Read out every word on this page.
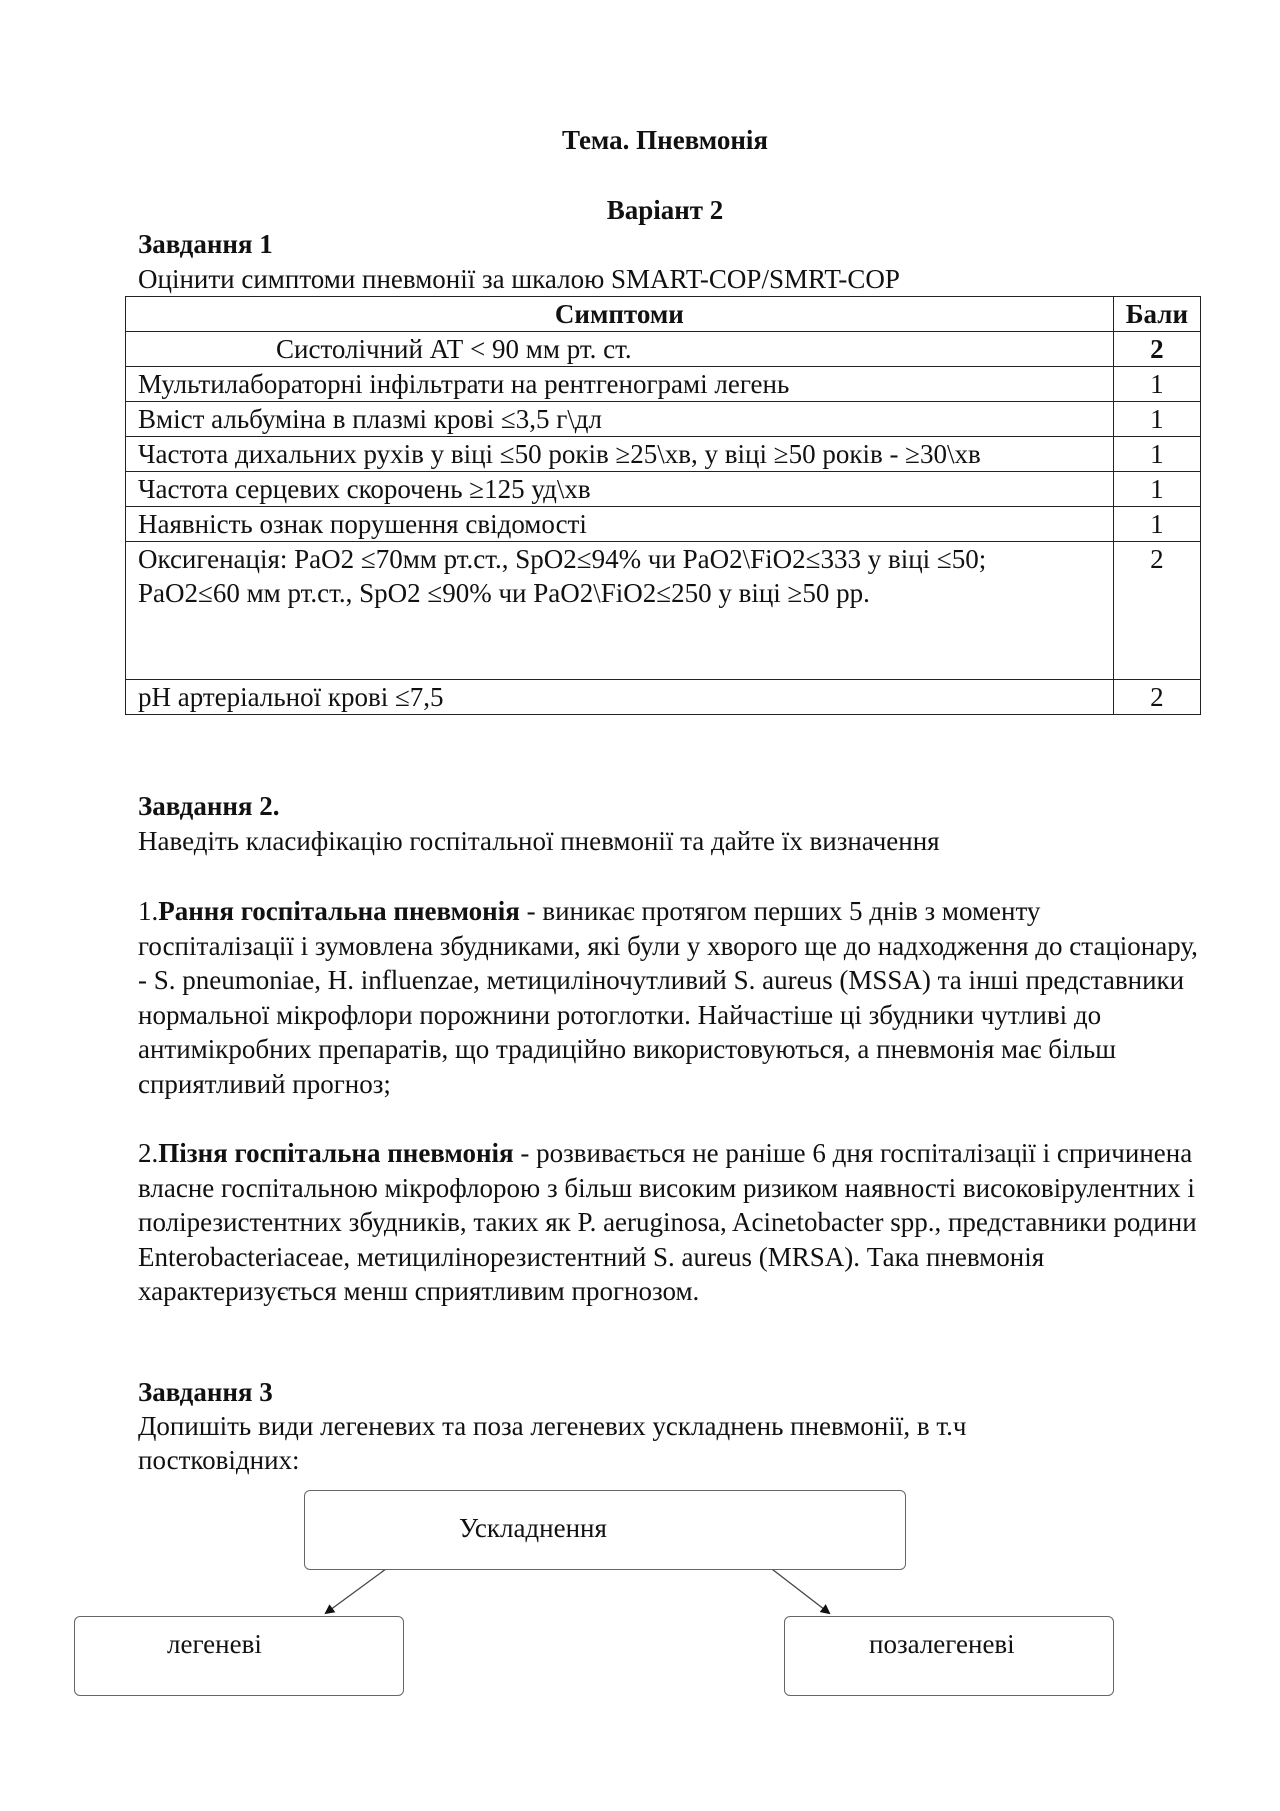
Тема. Пневмонія
Варіант 2
Завдання 1
Оцінити симптоми пневмонії за шкалою SMART-COP/SMRT-COP
Симптоми	Бали
Систолічний АТ < 90 мм рт. ст.	2
Мультилабораторні інфільтрати на рентгенограмі легень	1
Вміст альбуміна в плазмі крові ≤3,5 г\дл	1
Частота дихальних рухів у віці ≤50 років ≥25\хв, у віці ≥50 років - ≥30\хв	1
Частота серцевих скорочень ≥125 уд\хв	1
Наявність ознак порушення свідомості	1

Оксигенація: РаО2 ≤70мм рт.ст., SpO2≤94% чи РаО2\FiO2≤333 у віці ≤50;
РаО2≤60 мм рт.ст., SpO2 ≤90% чи РаО2\FiO2≤250 у віці ≥50 рр.	2
pH артеріальної крові ≤7,5	2
Завдання 2.
Наведіть класифікацію госпітальної пневмонії та дайте їх визначення
1.Рання госпітальна пневмонія - виникає протягом перших 5 днів з моменту госпіталізації і зумовлена збудниками, які були у хворого ще до надходження до стаціонару, - S. pneumoniae, H. influenzae, метициліночутливий S. aureus (MSSA) та інші представники нормальної мікрофлори порожнини ротоглотки. Найчастіше ці збудники чутливі до антимікробних препаратів, що традиційно використовуються, а пневмонія має більш сприятливий прогноз;
2.Пізня госпітальна пневмонія - розвивається не раніше 6 дня госпіталізації і спричинена власне госпітальною мікрофлорою з більш високим ризиком наявності високовірулентних і полірезистентних збудників, таких як P. aeruginosa, Acinetobacter spp., представники родини Enterobacteriaceae, метицилінорезистентний S. aureus (MRSA). Така пневмонія характеризується менш сприятливим прогнозом.
Завдання 3
Допишіть види легеневих та поза легеневих ускладнень пневмонії, в т.ч
постковідних:
Ускладнення
легеневі	позалегеневі
